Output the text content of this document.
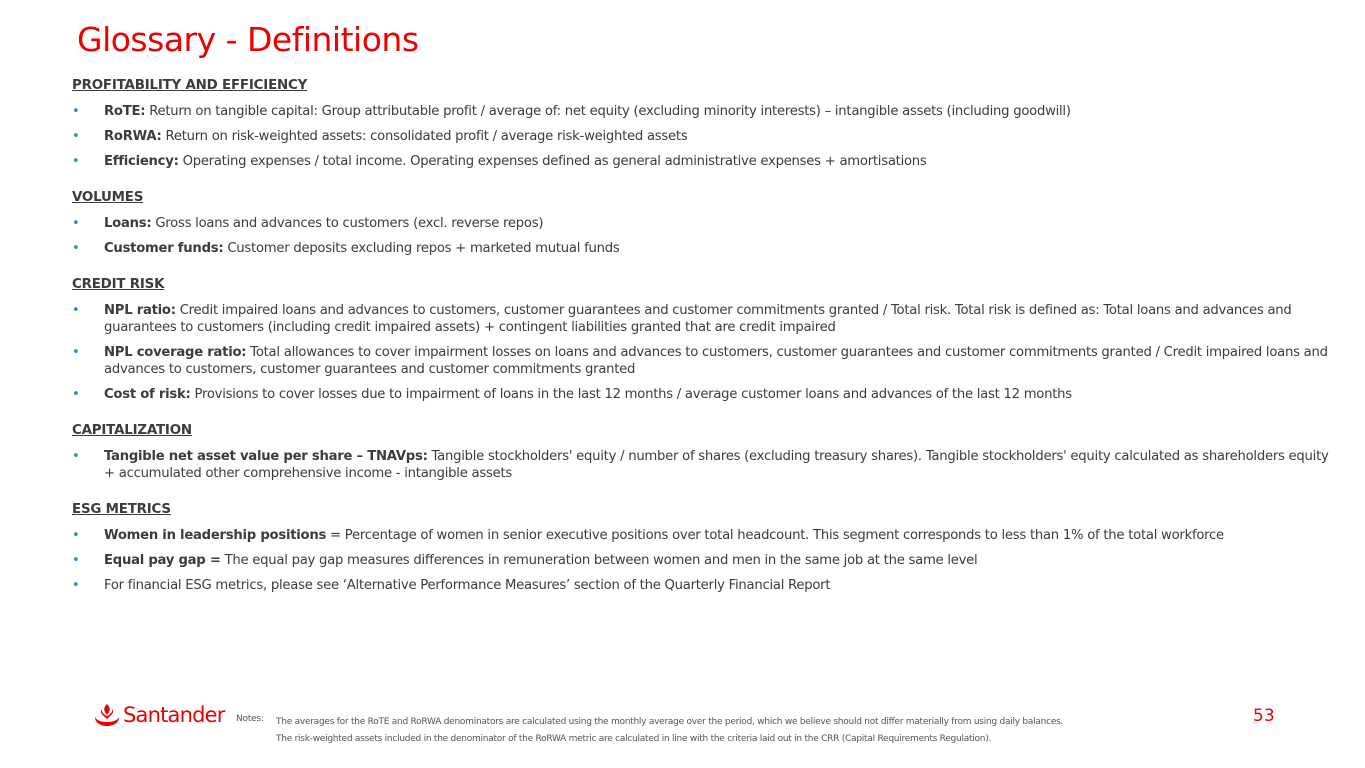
Glossary - Definitions
PROFITABILITY AND EFFICIENCY
• RoTE: Return on tangible capital: Group attributable profit / average of: net equity (excluding minority interests) – intangible assets (including goodwill)
• RoRWA: Return on risk-weighted assets: consolidated profit / average risk-weighted assets
• Efficiency: Operating expenses / total income. Operating expenses defined as general administrative expenses + amortisations
VOLUMES
• Loans: Gross loans and advances to customers (excl. reverse repos)
• Customer funds: Customer deposits excluding repos + marketed mutual funds
CREDIT RISK
• NPL ratio: Credit impaired loans and advances to customers, customer guarantees and customer commitments granted / Total risk. Total risk is defined as: Total loans and advances and guarantees to customers (including credit impaired assets) + contingent liabilities granted that are credit impaired
• NPL coverage ratio: Total allowances to cover impairment losses on loans and advances to customers, customer guarantees and customer commitments granted / Credit impaired loans and advances to customers, customer guarantees and customer commitments granted
• Cost of risk: Provisions to cover losses due to impairment of loans in the last 12 months / average customer loans and advances of the last 12 months
CAPITALIZATION
• Tangible net asset value per share – TNAVps: Tangible stockholders' equity / number of shares (excluding treasury shares). Tangible stockholders' equity calculated as shareholders equity + accumulated other comprehensive income - intangible assets
ESG METRICS
• Women in leadership positions = Percentage of women in senior executive positions over total headcount. This segment corresponds to less than 1% of the total workforce
• Equal pay gap = The equal pay gap measures differences in remuneration between women and men in the same job at the same level
• For financial ESG metrics, please see ‘Alternative Performance Measures’ section of the Quarterly Financial Report
Santander Notes: The averages for the RoTE and RoRWA denominators are calculated using the monthly average over the period, which we believe should not differ materially from using daily balances.
The risk-weighted assets included in the denominator of the RoRWA metric are calculated in line with the criteria laid out in the CRR (Capital Requirements Regulation).
53
